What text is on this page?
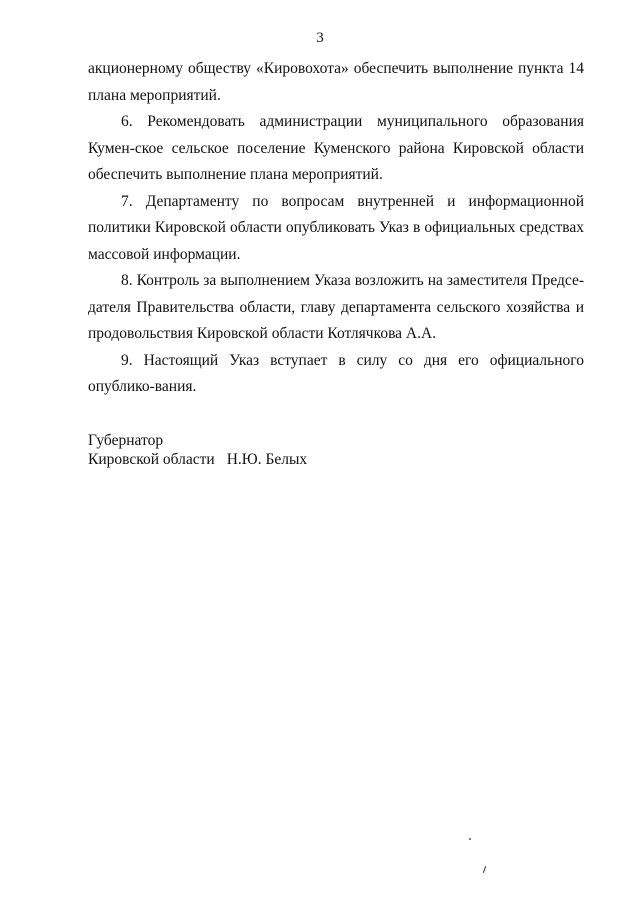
3

акционерному обществу «Кировохота» обеспечить выполнение пункта 14 плана мероприятий.

6. Рекомендовать администрации муниципального образования Кумен-ское сельское поселение Куменского района Кировской области обеспечить выполнение плана мероприятий.

7. Департаменту по вопросам внутренней и информационной политики Кировской области опубликовать Указ в официальных средствах массовой информации.

8. Контроль за выполнением Указа возложить на заместителя Предсе-дателя Правительства области, главу департамента сельского хозяйства и продовольствия Кировской области Котлячкова А.А.

9. Настоящий Указ вступает в силу со дня его официального опублико-вания.

Губернатор
Кировской области Н.Ю. Белых
